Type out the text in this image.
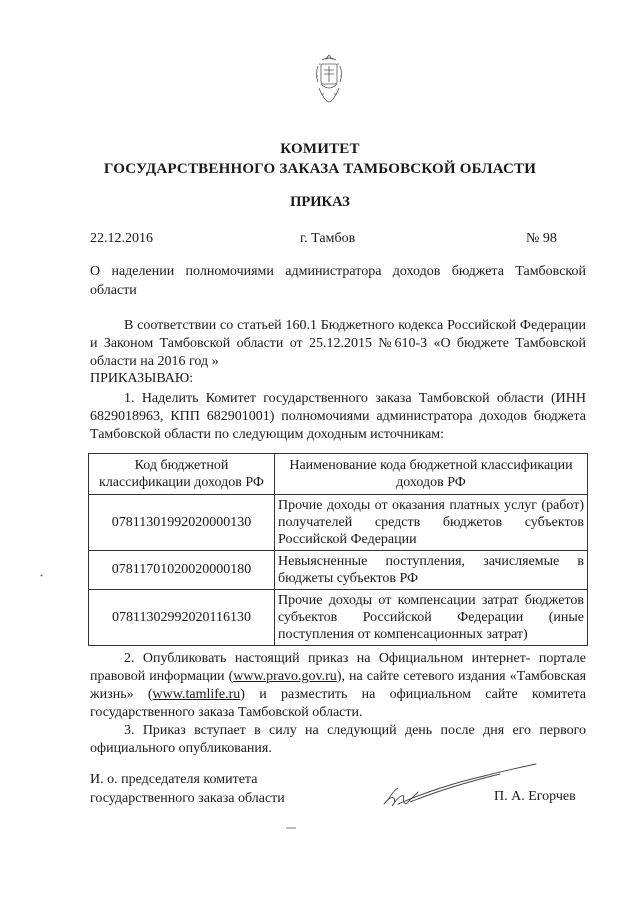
КОМИТЕТ
ГОСУДАРСТВЕННОГО ЗАКАЗА ТАМБОВСКОЙ ОБЛАСТИ
ПРИКАЗ
22.12.2016	г. Тамбов	№ 98
О наделении полномочиями администратора доходов бюджета Тамбовской области
В соответствии со статьей 160.1 Бюджетного кодекса Российской Федерации и Законом Тамбовской области от 25.12.2015 №610-З «О бюджете Тамбовской области на 2016 год »
ПРИКАЗЫВАЮ:
1. Наделить Комитет государственного заказа Тамбовской области (ИНН 6829018963, КПП 682901001) полномочиями администратора доходов бюджета Тамбовской области по следующим доходным источникам:
Код бюджетной классификации доходов РФ	Наименование кода бюджетной классификации доходов РФ
07811301992020000130	Прочие доходы от оказания платных услуг (работ) получателей средств бюджетов субъектов Российской Федерации
07811701020020000180	Невыясненные поступления, зачисляемые в бюджеты субъектов РФ
07811302992020116130	Прочие доходы от компенсации затрат бюджетов субъектов Российской Федерации (иные поступления от компенсационных затрат)
2. Опубликовать настоящий приказ на Официальном интернет- портале правовой информации (www.pravo.gov.ru), на сайте сетевого издания «Тамбовская жизнь» (www.tamlife.ru) и разместить на официальном сайте комитета государственного заказа Тамбовской области.
3. Приказ вступает в силу на следующий день после дня его первого официального опубликования.
И. о. председателя комитета
государственного заказа области	П. А. Егорчев
